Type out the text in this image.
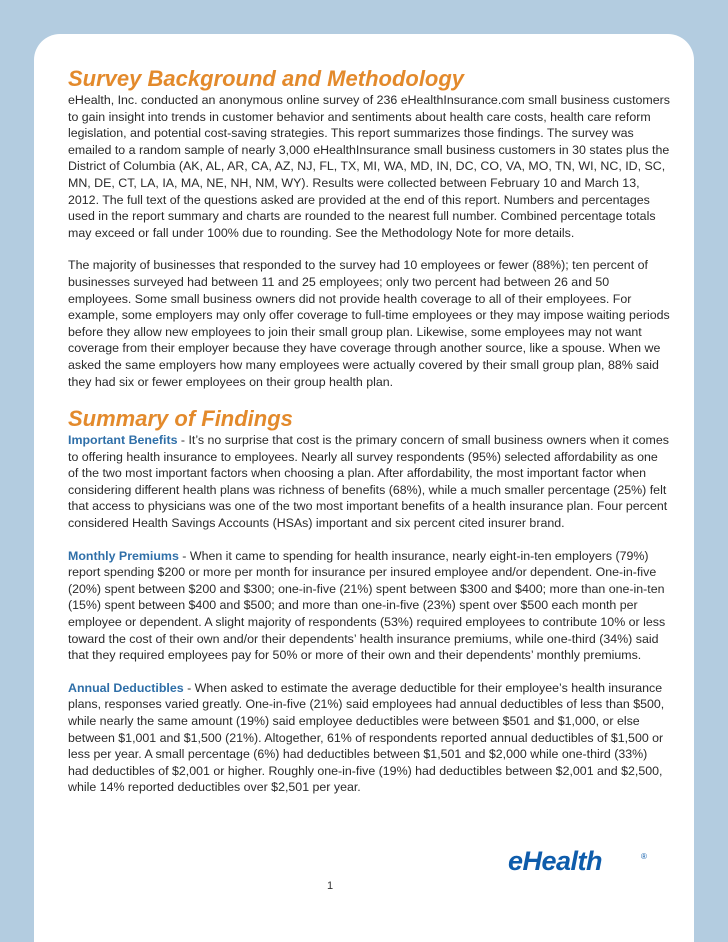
Survey Background and Methodology

eHealth, Inc. conducted an anonymous online survey of 236 eHealthInsurance.com small business customers to gain insight into trends in customer behavior and sentiments about health care costs, health care reform legislation, and potential cost-saving strategies. This report summarizes those findings. The survey was emailed to a random sample of nearly 3,000 eHealthInsurance small business customers in 30 states plus the District of Columbia (AK, AL, AR, CA, AZ, NJ, FL, TX, MI, WA, MD, IN, DC, CO, VA, MO, TN, WI, NC, ID, SC, MN, DE, CT, LA, IA, MA, NE, NH, NM, WY). Results were collected between February 10 and March 13, 2012. The full text of the questions asked are provided at the end of this report. Numbers and percentages used in the report summary and charts are rounded to the nearest full number. Combined percentage totals may exceed or fall under 100% due to rounding. See the Methodology Note for more details.

The majority of businesses that responded to the survey had 10 employees or fewer (88%); ten percent of businesses surveyed had between 11 and 25 employees; only two percent had between 26 and 50 employees. Some small business owners did not provide health coverage to all of their employees. For example, some employers may only offer coverage to full-time employees or they may impose waiting periods before they allow new employees to join their small group plan. Likewise, some employees may not want coverage from their employer because they have coverage through another source, like a spouse. When we asked the same employers how many employees were actually covered by their small group plan, 88% said they had six or fewer employees on their group health plan.

Summary of Findings

Important Benefits - It’s no surprise that cost is the primary concern of small business owners when it comes to offering health insurance to employees. Nearly all survey respondents (95%) selected affordability as one of the two most important factors when choosing a plan. After affordability, the most important factor when considering different health plans was richness of benefits (68%), while a much smaller percentage (25%) felt that access to physicians was one of the two most important benefits of a health insurance plan. Four percent considered Health Savings Accounts (HSAs) important and six percent cited insurer brand.

Monthly Premiums - When it came to spending for health insurance, nearly eight-in-ten employers (79%) report spending $200 or more per month for insurance per insured employee and/or dependent. One-in-five (20%) spent between $200 and $300; one-in-five (21%) spent between $300 and $400; more than one-in-ten (15%) spent between $400 and $500; and more than one-in-five (23%) spent over $500 each month per employee or dependent. A slight majority of respondents (53%) required employees to contribute 10% or less toward the cost of their own and/or their dependents’ health insurance premiums, while one-third (34%) said that they required employees pay for 50% or more of their own and their dependents’ monthly premiums.

Annual Deductibles - When asked to estimate the average deductible for their employee’s health insurance plans, responses varied greatly. One-in-five (21%) said employees had annual deductibles of less than $500, while nearly the same amount (19%) said employee deductibles were between $501 and $1,000, or else between $1,001 and $1,500 (21%). Altogether, 61% of respondents reported annual deductibles of $1,500 or less per year. A small percentage (6%) had deductibles between $1,501 and $2,000 while one-third (33%) had deductibles of $2,001 or higher. Roughly one-in-five (19%) had deductibles between $2,001 and $2,500, while 14% reported deductibles over $2,501 per year.

eHealth	®
1
